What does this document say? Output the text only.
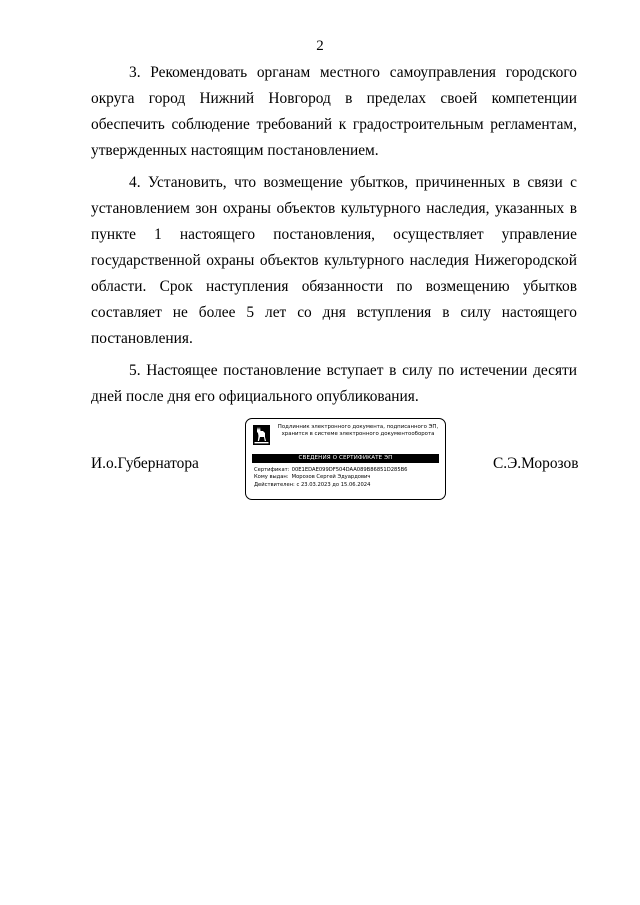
2

3. Рекомендовать органам местного самоуправления городского округа город Нижний Новгород в пределах своей компетенции обеспечить соблюдение требований к градостроительным регламентам, утвержденных настоящим постановлением.

4. Установить, что возмещение убытков, причиненных в связи с установлением зон охраны объектов культурного наследия, указанных в пункте 1 настоящего постановления, осуществляет управление государственной охраны объектов культурного наследия Нижегородской области. Срок наступления обязанности по возмещению убытков составляет не более 5 лет со дня вступления в силу настоящего постановления.

5. Настоящее постановление вступает в силу по истечении десяти дней после дня его официального опубликования.

И.о.Губернатора	С.Э.Морозов
Подлинник электронного документа, подписанного ЭП,
хранится в системе электронного документооборота
СВЕДЕНИЯ О СЕРТИФИКАТЕ ЭП
Сертификат: 00E1EDAE099DF504DAA089B86851D285B6
Кому выдан: Морозов Сергей Эдуардович
Действителен: с 23.03.2023 до 15.06.2024
